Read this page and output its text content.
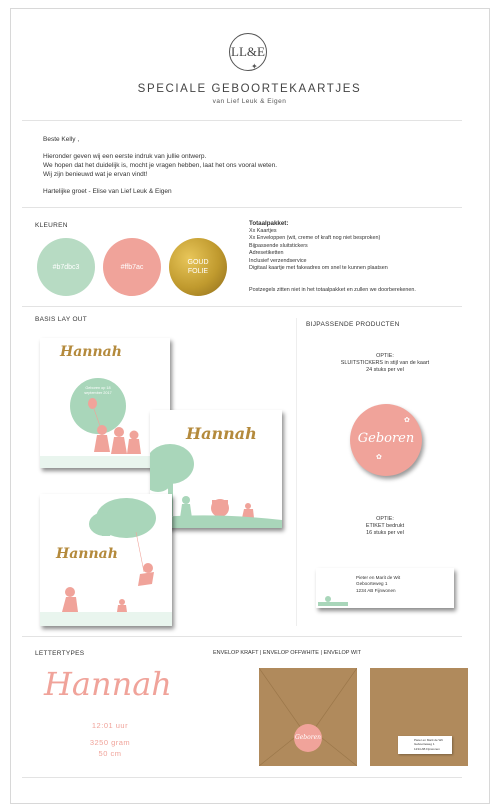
LL&E
✦
SPECIALE GEBOORTEKAARTJES
van Lief Leuk & Eigen
Beste Kelly ,
Hieronder geven wij een eerste indruk van jullie ontwerp.
We hopen dat het duidelijk is, mocht je vragen hebben, laat het ons vooral weten.
Wij zijn benieuwd wat je ervan vindt!
Hartelijke groet - Elise van Lief Leuk & Eigen
KLEUREN
#b7dbc3	#ffb7ac
GOUD FOLIE
Totaalpakket:
Xx Kaartjes
Xx Enveloppen (wit, creme of kraft nog niet besproken)
Bijpassende sluitstickers
Adresetiketten
Inclusief verzendservice
Digitaal kaartje met fakeadres om snel te kunnen plaatsen
Postzegels zitten niet in het totaalpakket en zullen we doorberekenen.
BASIS LAY OUT
Hannah
Geboren op 18 september 2017
Hannah
Hannah
BIJPASSENDE PRODUCTEN
OPTIE:
SLUITSTICKERS in stijl van de kaart
24 stuks per vel
Geboren
✿
✿
OPTIE:
ETIKET bedrukt
16 stuks per vel
Pieter en Marit de Wit
Geboorteweg 1
1234 AB Fijnwonen
LETTERTYPES
Hannah
12:01 uur
3250 gram
50 cm
ENVELOP KRAFT | ENVELOP OFFWHITE | ENVELOP WIT
Geboren	Pieter en Marit de Wit
Geboorteweg 1
1234 AB Fijnwonen
